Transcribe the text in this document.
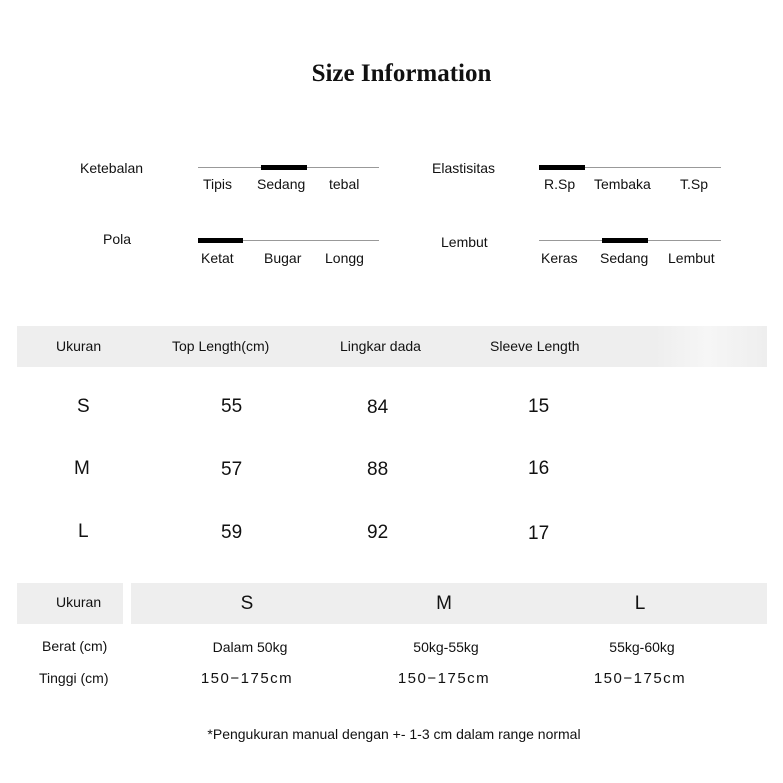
Size Information
Ketebalan
Tipis Sedang tebal
Elastisitas
R.Sp Tembaka T.Sp
Pola
Ketat Bugar Longg
Lembut
Keras Sedang Lembut
Ukuran	Top Length(cm)	Lingkar dada	Sleeve Length
S	55	84	15
M	57	88	16
L	59	92	17
Ukuran	S	M	L
Berat (cm)	Dalam 50kg	50kg-55kg	55kg-60kg
Tinggi (cm)	150−175cm	150−175cm	150−175cm
*Pengukuran manual dengan +- 1-3 cm dalam range normal
